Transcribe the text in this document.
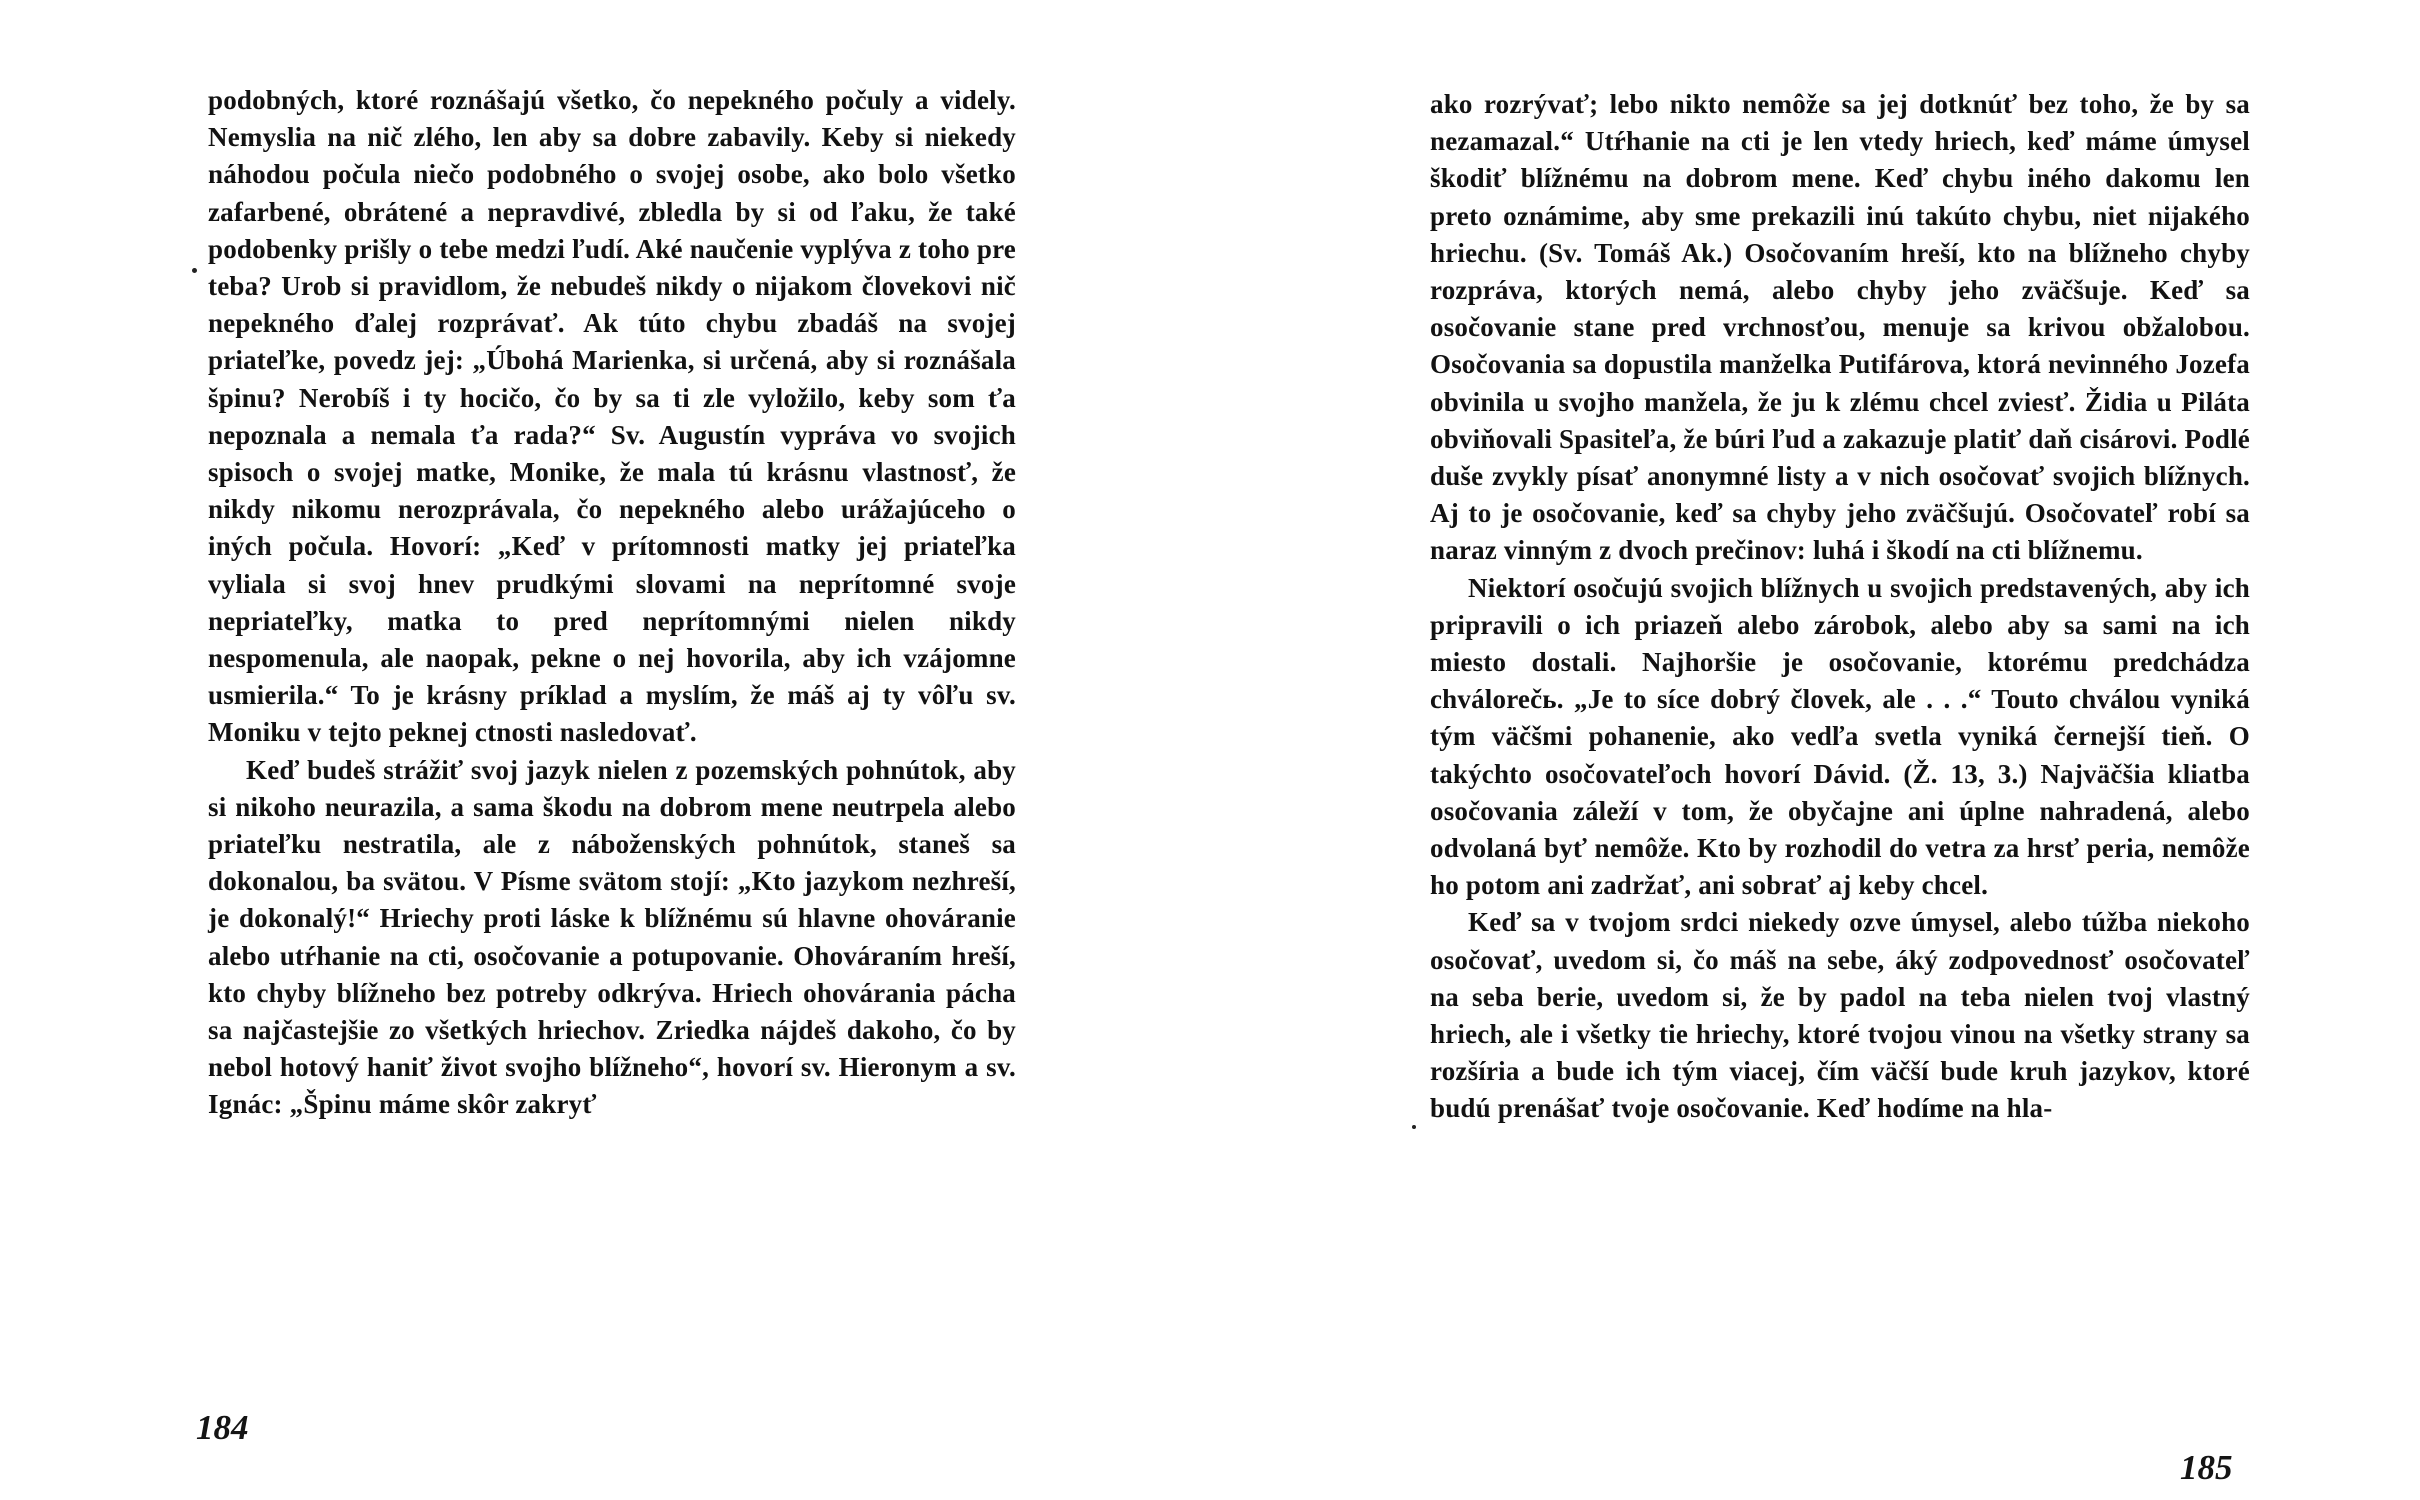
podobných, ktoré roznášajú všetko, čo nepekného počuly a videly. Nemyslia na nič zlého, len aby sa dobre zabavily. Keby si niekedy náhodou počula niečo podobného o svojej osobe, ako bolo všetko zafarbené, obrátené a nepravdivé, zbledla by si od ľaku, že také podobenky prišly o tebe medzi ľudí. Aké naučenie vyplýva z toho pre teba? Urob si pravidlom, že nebudeš nikdy o nijakom človekovi nič nepekného ďalej rozprávať. Ak túto chybu zbadáš na svojej priateľke, povedz jej: „Úbohá Marienka, si určená, aby si roznášala špinu? Nerobíš i ty hocičo, čo by sa ti zle vyložilo, keby som ťa nepoznala a nemala ťa rada?“ Sv. Augustín vypráva vo svojich spisoch o svojej matke, Monike, že mala tú krásnu vlastnosť, že nikdy nikomu nerozprávala, čo nepekného alebo urážajúceho o iných počula. Hovorí: „Keď v prítomnosti matky jej priateľka vyliala si svoj hnev prudkými slovami na neprítomné svoje nepriateľky, matka to pred neprítomnými nielen nikdy nespomenula, ale naopak, pekne o nej hovorila, aby ich vzájomne usmierila.“ To je krásny príklad a myslím, že máš aj ty vôľu sv. Moniku v tejto peknej ctnosti nasledovať.

Keď budeš strážiť svoj jazyk nielen z pozemských pohnútok, aby si nikoho neurazila, a sama škodu na dobrom mene neutrpela alebo priateľku nestratila, ale z náboženských pohnútok, staneš sa dokonalou, ba svätou. V Písme svätom stojí: „Kto jazykom nezhreší, je dokonalý!“ Hriechy proti láske k blížnému sú hlavne ohováranie alebo utŕhanie na cti, osočovanie a potupovanie. Ohováraním hreší, kto chyby blížneho bez potreby odkrýva. Hriech ohovárania pácha sa najčastejšie zo všetkých hriechov. Zriedka nájdeš dakoho, čo by nebol hotový haniť život svojho blížneho“, hovorí sv. Hieronym a sv. Ignác: „Špinu máme skôr zakryť

184

ako rozrývať; lebo nikto nemôže sa jej dotknúť bez toho, že by sa nezamazal.“ Utŕhanie na cti je len vtedy hriech, keď máme úmysel škodiť blížnému na dobrom mene. Keď chybu iného dakomu len preto oznámime, aby sme prekazili inú takúto chybu, niet nijakého hriechu. (Sv. Tomáš Ak.) Osočovaním hreší, kto na blížneho chyby rozpráva, ktorých nemá, alebo chyby jeho zväčšuje. Keď sa osočovanie stane pred vrchnosťou, menuje sa krivou obžalobou. Osočovania sa dopustila manželka Putifárova, ktorá nevinného Jozefa obvinila u svojho manžela, že ju k zlému chcel zviesť. Židia u Piláta obviňovali Spasiteľa, že búri ľud a zakazuje platiť daň cisárovi. Podlé duše zvykly písať anonymné listy a v nich osočovať svojich blížnych. Aj to je osočovanie, keď sa chyby jeho zväčšujú. Osočovateľ robí sa naraz vinným z dvoch prečinov: luhá i škodí na cti blížnemu.

Niektorí osočujú svojich blížnych u svojich predstavených, aby ich pripravili o ich priazeň alebo zárobok, alebo aby sa sami na ich miesto dostali. Najhoršie je osočovanie, ktorému predchádza chválorečь. „Je to síce dobrý človek, ale . . .“ Touto chválou vyniká tým väčšmi pohanenie, ako vedľa svetla vyniká černejší tieň. O takýchto osočovateľoch hovorí Dávid. (Ž. 13, 3.) Najväčšia kliatba osočovania záleží v tom, že obyčajne ani úplne nahradená, alebo odvolaná byť nemôže. Kto by rozhodil do vetra za hrsť peria, nemôže ho potom ani zadržať, ani sobrať aj keby chcel.

Keď sa v tvojom srdci niekedy ozve úmysel, alebo túžba niekoho osočovať, uvedom si, čo máš na sebe, áký zodpovednosť osočovateľ na seba berie, uvedom si, že by padol na teba nielen tvoj vlastný hriech, ale i všetky tie hriechy, ktoré tvojou vinou na všetky strany sa rozšíria a bude ich tým viacej, čím väčší bude kruh jazykov, ktoré budú prenášať tvoje osočovanie. Keď hodíme na hla-

185
